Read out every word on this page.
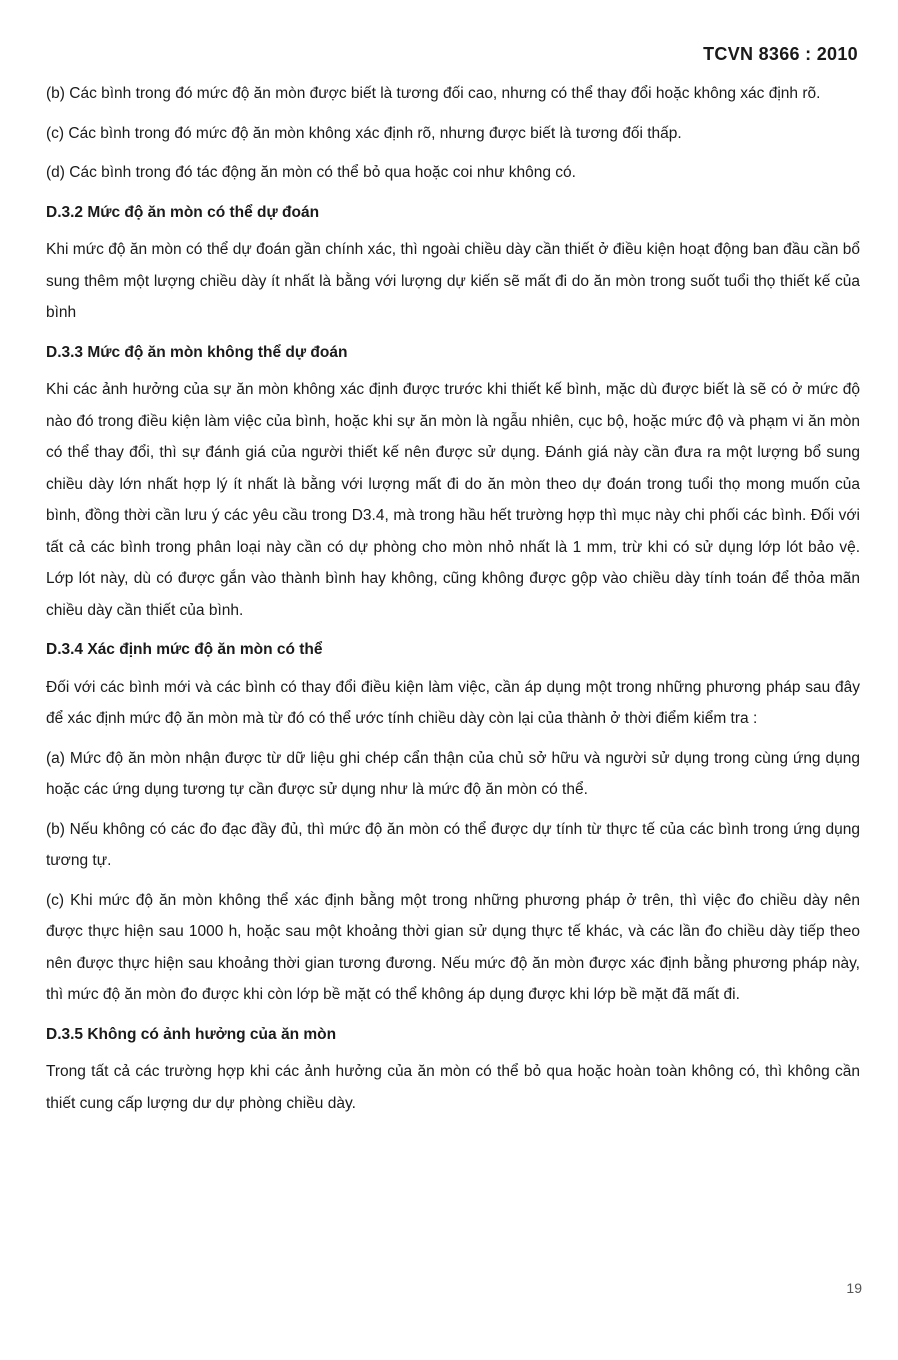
TCVN 8366 : 2010

(b) Các bình trong đó mức độ ăn mòn được biết là tương đối cao, nhưng có thể thay đổi hoặc không xác định rõ.

(c) Các bình trong đó mức độ ăn mòn không xác định rõ, nhưng được biết là tương đối thấp.

(d) Các bình trong đó tác động ăn mòn có thể bỏ qua hoặc coi như không có.

D.3.2 Mức độ ăn mòn có thể dự đoán

Khi mức độ ăn mòn có thể dự đoán gần chính xác, thì ngoài chiều dày cần thiết ở điều kiện hoạt động ban đầu cần bổ sung thêm một lượng chiều dày ít nhất là bằng với lượng dự kiến sẽ mất đi do ăn mòn trong suốt tuổi thọ thiết kế của bình

D.3.3 Mức độ ăn mòn không thể dự đoán

Khi các ảnh hưởng của sự ăn mòn không xác định được trước khi thiết kế bình, mặc dù được biết là sẽ có ở mức độ nào đó trong điều kiện làm việc của bình, hoặc khi sự ăn mòn là ngẫu nhiên, cục bộ, hoặc mức độ và phạm vi ăn mòn có thể thay đổi, thì sự đánh giá của người thiết kế nên được sử dụng. Đánh giá này cần đưa ra một lượng bổ sung chiều dày lớn nhất hợp lý ít nhất là bằng với lượng mất đi do ăn mòn theo dự đoán trong tuổi thọ mong muốn của bình, đồng thời cần lưu ý các yêu cầu trong D3.4, mà trong hầu hết trường hợp thì mục này chi phối các bình. Đối với tất cả các bình trong phân loại này cần có dự phòng cho mòn nhỏ nhất là 1 mm, trừ khi có sử dụng lớp lót bảo vệ. Lớp lót này, dù có được gắn vào thành bình hay không, cũng không được gộp vào chiều dày tính toán để thỏa mãn chiều dày cần thiết của bình.

D.3.4 Xác định mức độ ăn mòn có thể

Đối với các bình mới và các bình có thay đổi điều kiện làm việc, cần áp dụng một trong những phương pháp sau đây để xác định mức độ ăn mòn mà từ đó có thể ước tính chiều dày còn lại của thành ở thời điểm kiểm tra :

(a) Mức độ ăn mòn nhận được từ dữ liệu ghi chép cẩn thận của chủ sở hữu và người sử dụng trong cùng ứng dụng hoặc các ứng dụng tương tự cần được sử dụng như là mức độ ăn mòn có thể.

(b) Nếu không có các đo đạc đầy đủ, thì mức độ ăn mòn có thể được dự tính từ thực tế của các bình trong ứng dụng tương tự.

(c) Khi mức độ ăn mòn không thể xác định bằng một trong những phương pháp ở trên, thì việc đo chiều dày nên được thực hiện sau 1000 h, hoặc sau một khoảng thời gian sử dụng thực tế khác, và các lần đo chiều dày tiếp theo nên được thực hiện sau khoảng thời gian tương đương. Nếu mức độ ăn mòn được xác định bằng phương pháp này, thì mức độ ăn mòn đo được khi còn lớp bề mặt có thể không áp dụng được khi lớp bề mặt đã mất đi.

D.3.5 Không có ảnh hưởng của ăn mòn

Trong tất cả các trường hợp khi các ảnh hưởng của ăn mòn có thể bỏ qua hoặc hoàn toàn không có, thì không cần thiết cung cấp lượng dư dự phòng chiều dày.

19
